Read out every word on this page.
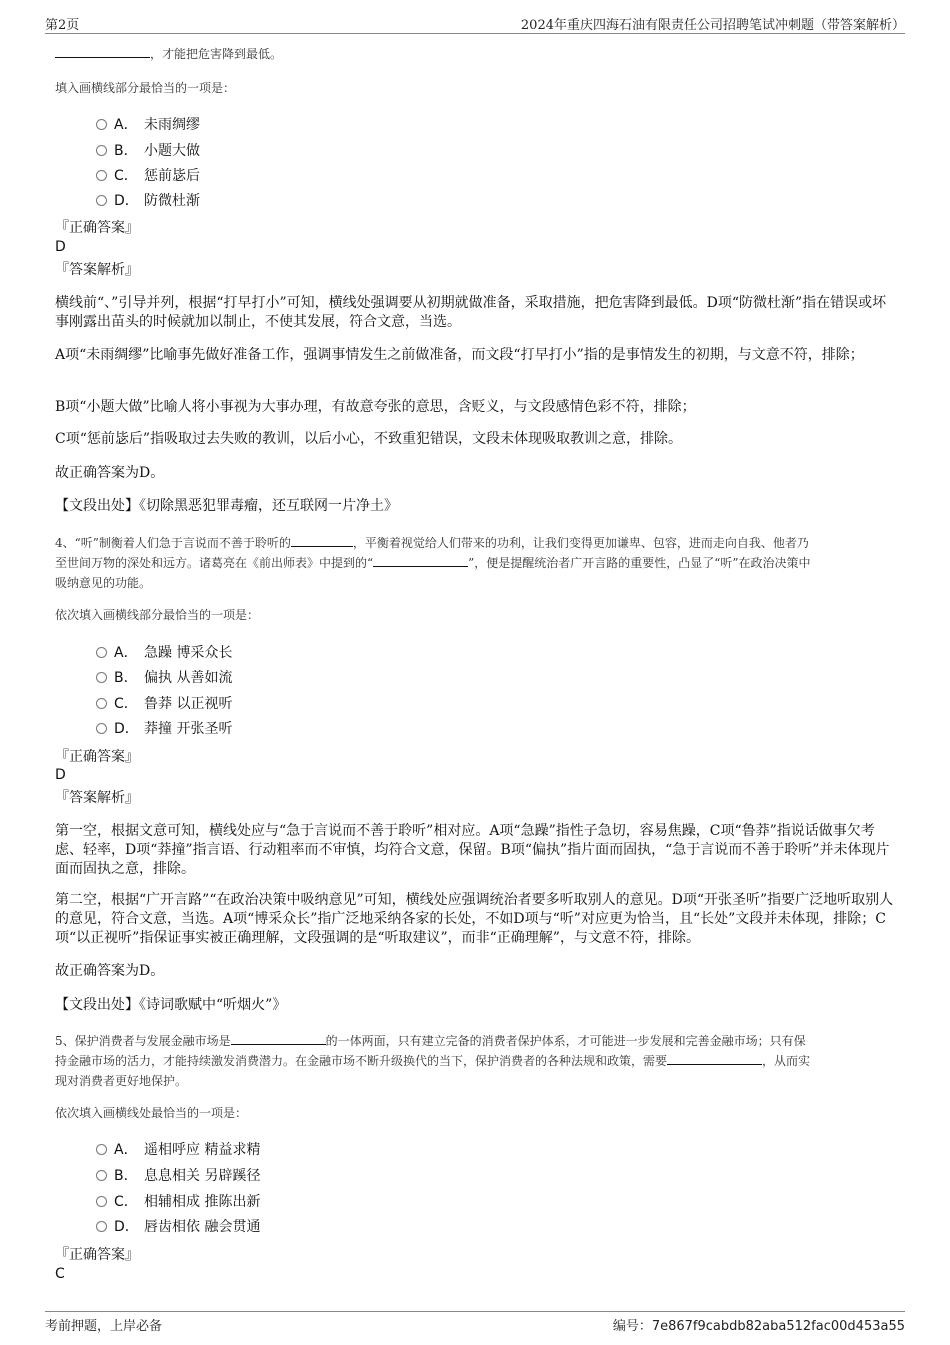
第2页	2024年重庆四海石油有限责任公司招聘笔试冲刺题（带答案解析）
，才能把危害降到最低。
填入画横线部分最恰当的一项是：
A． 未雨绸缪
B． 小题大做
C． 惩前毖后
D． 防微杜渐
『正确答案』
D
『答案解析』
横线前“、”引导并列，根据“打早打小”可知，横线处强调要从初期就做准备，采取措施，把危害降到最低。D项“防微杜渐”指在错误或坏事刚露出苗头的时候就加以制止，不使其发展，符合文意，当选。
A项“未雨绸缪”比喻事先做好准备工作，强调事情发生之前做准备，而文段“打早打小”指的是事情发生的初期，与文意不符，排除；
B项“小题大做”比喻人将小事视为大事办理，有故意夸张的意思，含贬义，与文段感情色彩不符，排除；
C项“惩前毖后”指吸取过去失败的教训，以后小心，不致重犯错误，文段未体现吸取教训之意，排除。
故正确答案为D。
【文段出处】《切除黑恶犯罪毒瘤，还互联网一片净土》
4、“听”制衡着人们急于言说而不善于聆听的	，平衡着视觉给人们带来的功利，让我们变得更加谦卑、包容，进而走向自我、他者乃
至世间万物的深处和远方。诸葛亮在《前出师表》中提到的“	”，便是提醒统治者广开言路的重要性，凸显了“听”在政治决策中
吸纳意见的功能。
依次填入画横线部分最恰当的一项是：
A． 急躁 博采众长
B． 偏执 从善如流
C． 鲁莽 以正视听
D． 莽撞 开张圣听
『正确答案』
D
『答案解析』
第一空，根据文意可知，横线处应与“急于言说而不善于聆听”相对应。A项“急躁”指性子急切，容易焦躁，C项“鲁莽”指说话做事欠考虑、轻率，D项“莽撞”指言语、行动粗率而不审慎，均符合文意，保留。B项“偏执”指片面而固执，“急于言说而不善于聆听”并未体现片面而固执之意，排除。
第二空，根据“广开言路”“在政治决策中吸纳意见”可知，横线处应强调统治者要多听取别人的意见。D项“开张圣听”指要广泛地听取别人的意见，符合文意，当选。A项“博采众长”指广泛地采纳各家的长处，不如D项与“听”对应更为恰当，且“长处”文段并未体现，排除；C项“以正视听”指保证事实被正确理解，文段强调的是“听取建议”，而非“正确理解”，与文意不符，排除。
故正确答案为D。
【文段出处】《诗词歌赋中“听烟火”》
5、保护消费者与发展金融市场是	的一体两面，只有建立完备的消费者保护体系，才可能进一步发展和完善金融市场；只有保
持金融市场的活力，才能持续激发消费潜力。在金融市场不断升级换代的当下，保护消费者的各种法规和政策，需要	，从而实
现对消费者更好地保护。
依次填入画横线处最恰当的一项是：
A． 遥相呼应 精益求精
B． 息息相关 另辟蹊径
C． 相辅相成 推陈出新
D． 唇齿相依 融会贯通
『正确答案』
C
考前押题，上岸必备	编号：7e867f9cabdb82aba512fac00d453a55
